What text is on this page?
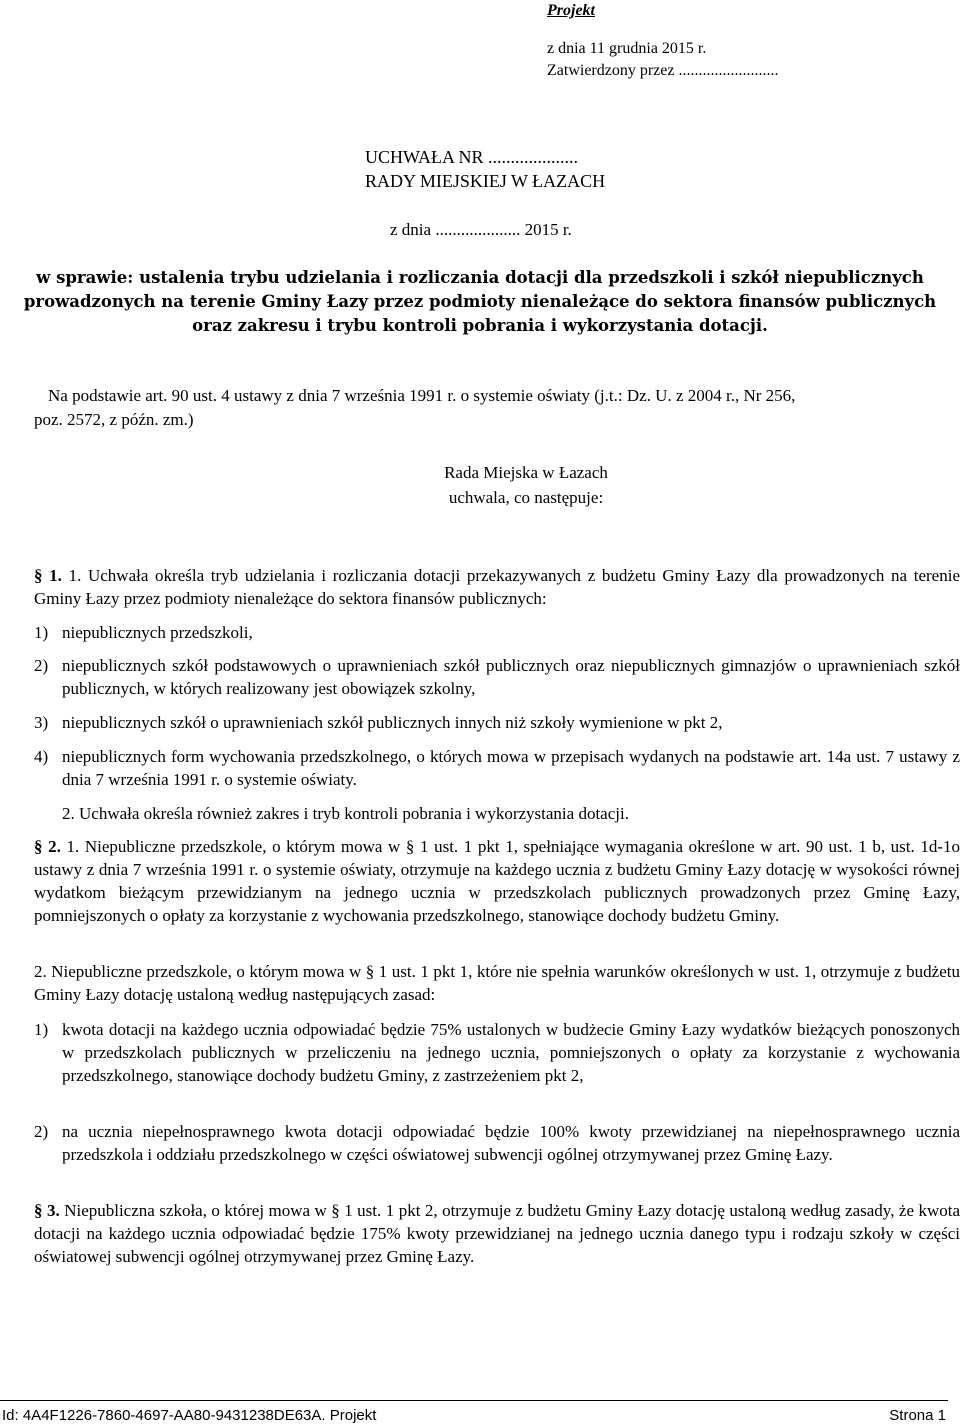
Projekt
z dnia 11 grudnia 2015 r.
Zatwierdzony przez .........................
UCHWAŁA NR ....................
RADY MIEJSKIEJ W ŁAZACH
z dnia .................... 2015 r.
w sprawie: ustalenia trybu udzielania i rozliczania dotacji dla przedszkoli i szkół niepublicznych prowadzonych na terenie Gminy Łazy przez podmioty nienależące do sektora finansów publicznych oraz zakresu i trybu kontroli pobrania i wykorzystania dotacji.
Na podstawie art. 90 ust. 4 ustawy z dnia 7 września 1991 r. o systemie oświaty (j.t.: Dz. U. z 2004 r., Nr 256,
poz. 2572, z późn. zm.)
Rada Miejska w Łazach
uchwala, co następuje:
§ 1. 1. Uchwała określa tryb udzielania i rozliczania dotacji przekazywanych z budżetu Gminy Łazy dla prowadzonych na terenie Gminy Łazy przez podmioty nienależące do sektora finansów publicznych:
1) niepublicznych przedszkoli,
2) niepublicznych szkół podstawowych o uprawnieniach szkół publicznych oraz niepublicznych gimnazjów o uprawnieniach szkół publicznych, w których realizowany jest obowiązek szkolny,
3) niepublicznych szkół o uprawnieniach szkół publicznych innych niż szkoły wymienione w pkt 2,
4) niepublicznych form wychowania przedszkolnego, o których mowa w przepisach wydanych na podstawie art. 14a ust. 7 ustawy z dnia 7 września 1991 r. o systemie oświaty.
2. Uchwała określa również zakres i tryb kontroli pobrania i wykorzystania dotacji.
§ 2. 1. Niepubliczne przedszkole, o którym mowa w § 1 ust. 1 pkt 1, spełniające wymagania określone w art. 90 ust. 1 b, ust. 1d-1o ustawy z dnia 7 września 1991 r. o systemie oświaty, otrzymuje na każdego ucznia z budżetu Gminy Łazy dotację w wysokości równej wydatkom bieżącym przewidzianym na jednego ucznia w przedszkolach publicznych prowadzonych przez Gminę Łazy, pomniejszonych o opłaty za korzystanie z wychowania przedszkolnego, stanowiące dochody budżetu Gminy.
2. Niepubliczne przedszkole, o którym mowa w § 1 ust. 1 pkt 1, które nie spełnia warunków określonych w ust. 1, otrzymuje z budżetu Gminy Łazy dotację ustaloną według następujących zasad:
1) kwota dotacji na każdego ucznia odpowiadać będzie 75% ustalonych w budżecie Gminy Łazy wydatków bieżących ponoszonych w przedszkolach publicznych w przeliczeniu na jednego ucznia, pomniejszonych o opłaty za korzystanie z wychowania przedszkolnego, stanowiące dochody budżetu Gminy, z zastrzeżeniem pkt 2,
2) na ucznia niepełnosprawnego kwota dotacji odpowiadać będzie 100% kwoty przewidzianej na niepełnosprawnego ucznia przedszkola i oddziału przedszkolnego w części oświatowej subwencji ogólnej otrzymywanej przez Gminę Łazy.
§ 3. Niepubliczna szkoła, o której mowa w § 1 ust. 1 pkt 2, otrzymuje z budżetu Gminy Łazy dotację ustaloną według zasady, że kwota dotacji na każdego ucznia odpowiadać będzie 175% kwoty przewidzianej na jednego ucznia danego typu i rodzaju szkoły w części oświatowej subwencji ogólnej otrzymywanej przez Gminę Łazy.
Id: 4A4F1226-7860-4697-AA80-9431238DE63A. Projekt	Strona 1
